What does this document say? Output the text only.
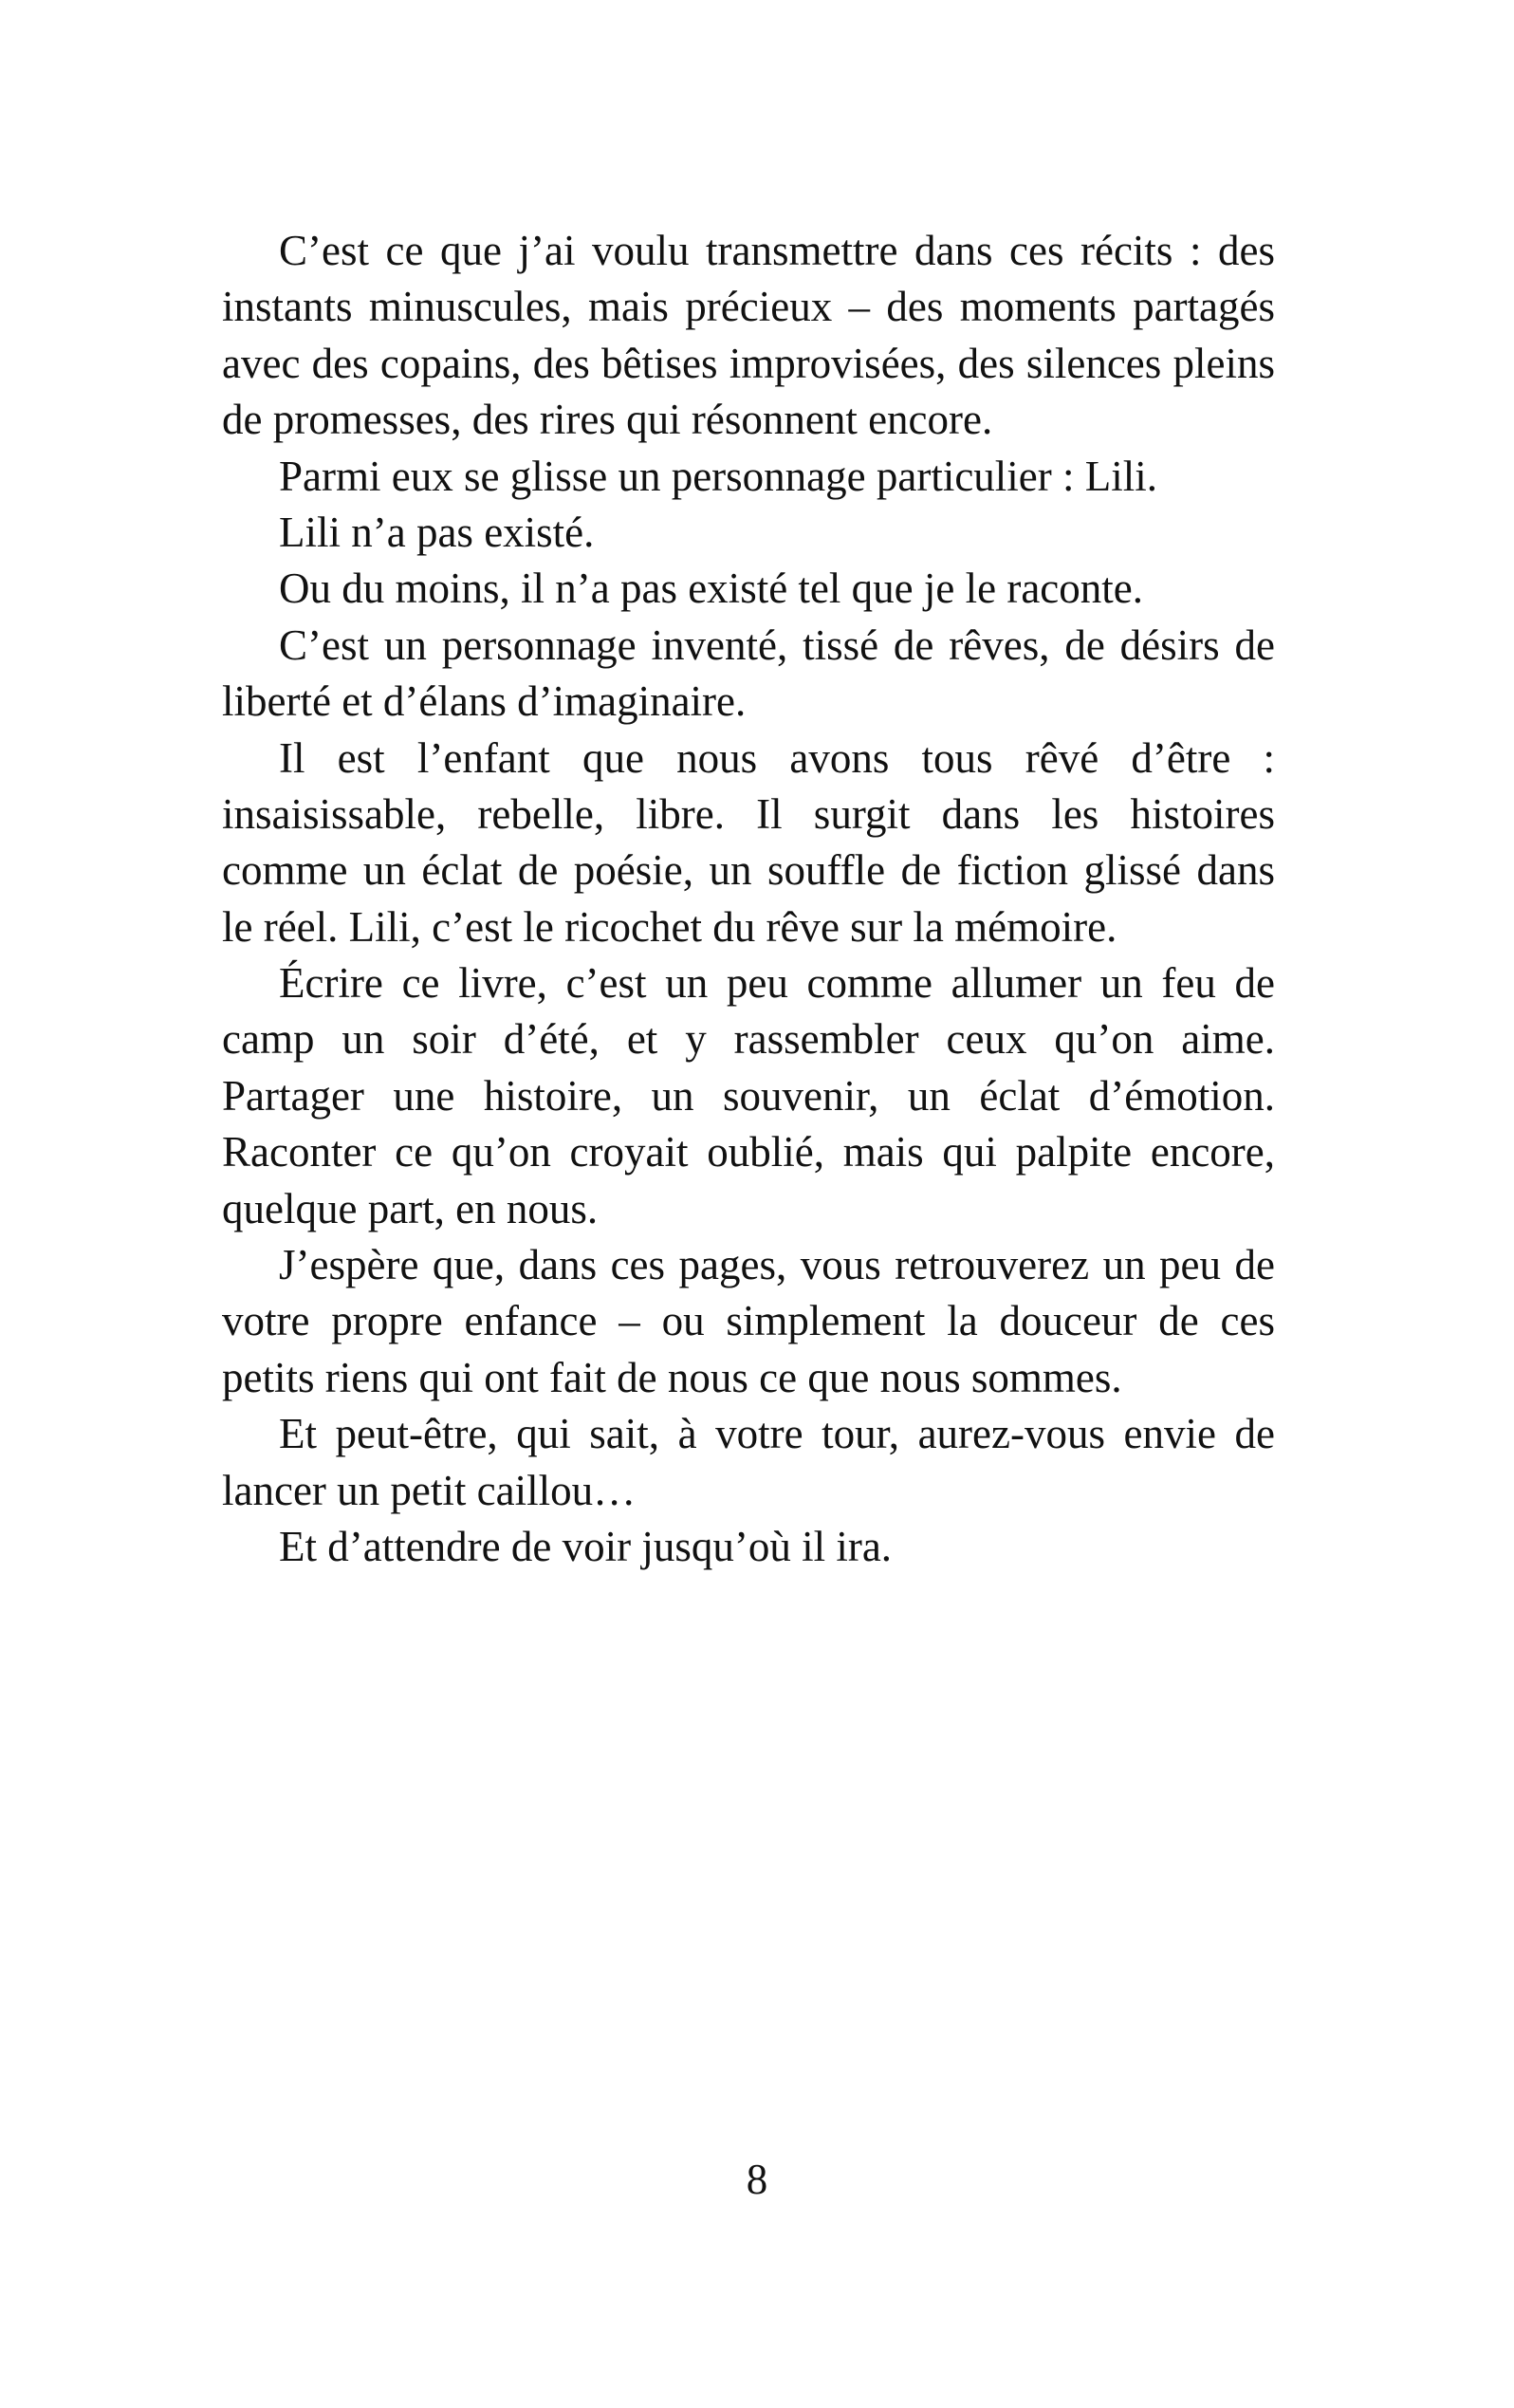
C’est ce que j’ai voulu transmettre dans ces récits : des
instants minuscules, mais précieux – des moments partagés
avec des copains, des bêtises improvisées, des silences pleins
de promesses, des rires qui résonnent encore.
Parmi eux se glisse un personnage particulier : Lili.
Lili n’a pas existé.
Ou du moins, il n’a pas existé tel que je le raconte.
C’est un personnage inventé, tissé de rêves, de désirs de
liberté et d’élans d’imaginaire.
Il est l’enfant que nous avons tous rêvé d’être :
insaisissable, rebelle, libre. Il surgit dans les histoires
comme un éclat de poésie, un souffle de fiction glissé dans
le réel. Lili, c’est le ricochet du rêve sur la mémoire.
Écrire ce livre, c’est un peu comme allumer un feu de
camp un soir d’été, et y rassembler ceux qu’on aime.
Partager une histoire, un souvenir, un éclat d’émotion.
Raconter ce qu’on croyait oublié, mais qui palpite encore,
quelque part, en nous.
J’espère que, dans ces pages, vous retrouverez un peu de
votre propre enfance – ou simplement la douceur de ces
petits riens qui ont fait de nous ce que nous sommes.
Et peut-être, qui sait, à votre tour, aurez-vous envie de
lancer un petit caillou…
Et d’attendre de voir jusqu’où il ira.
8
